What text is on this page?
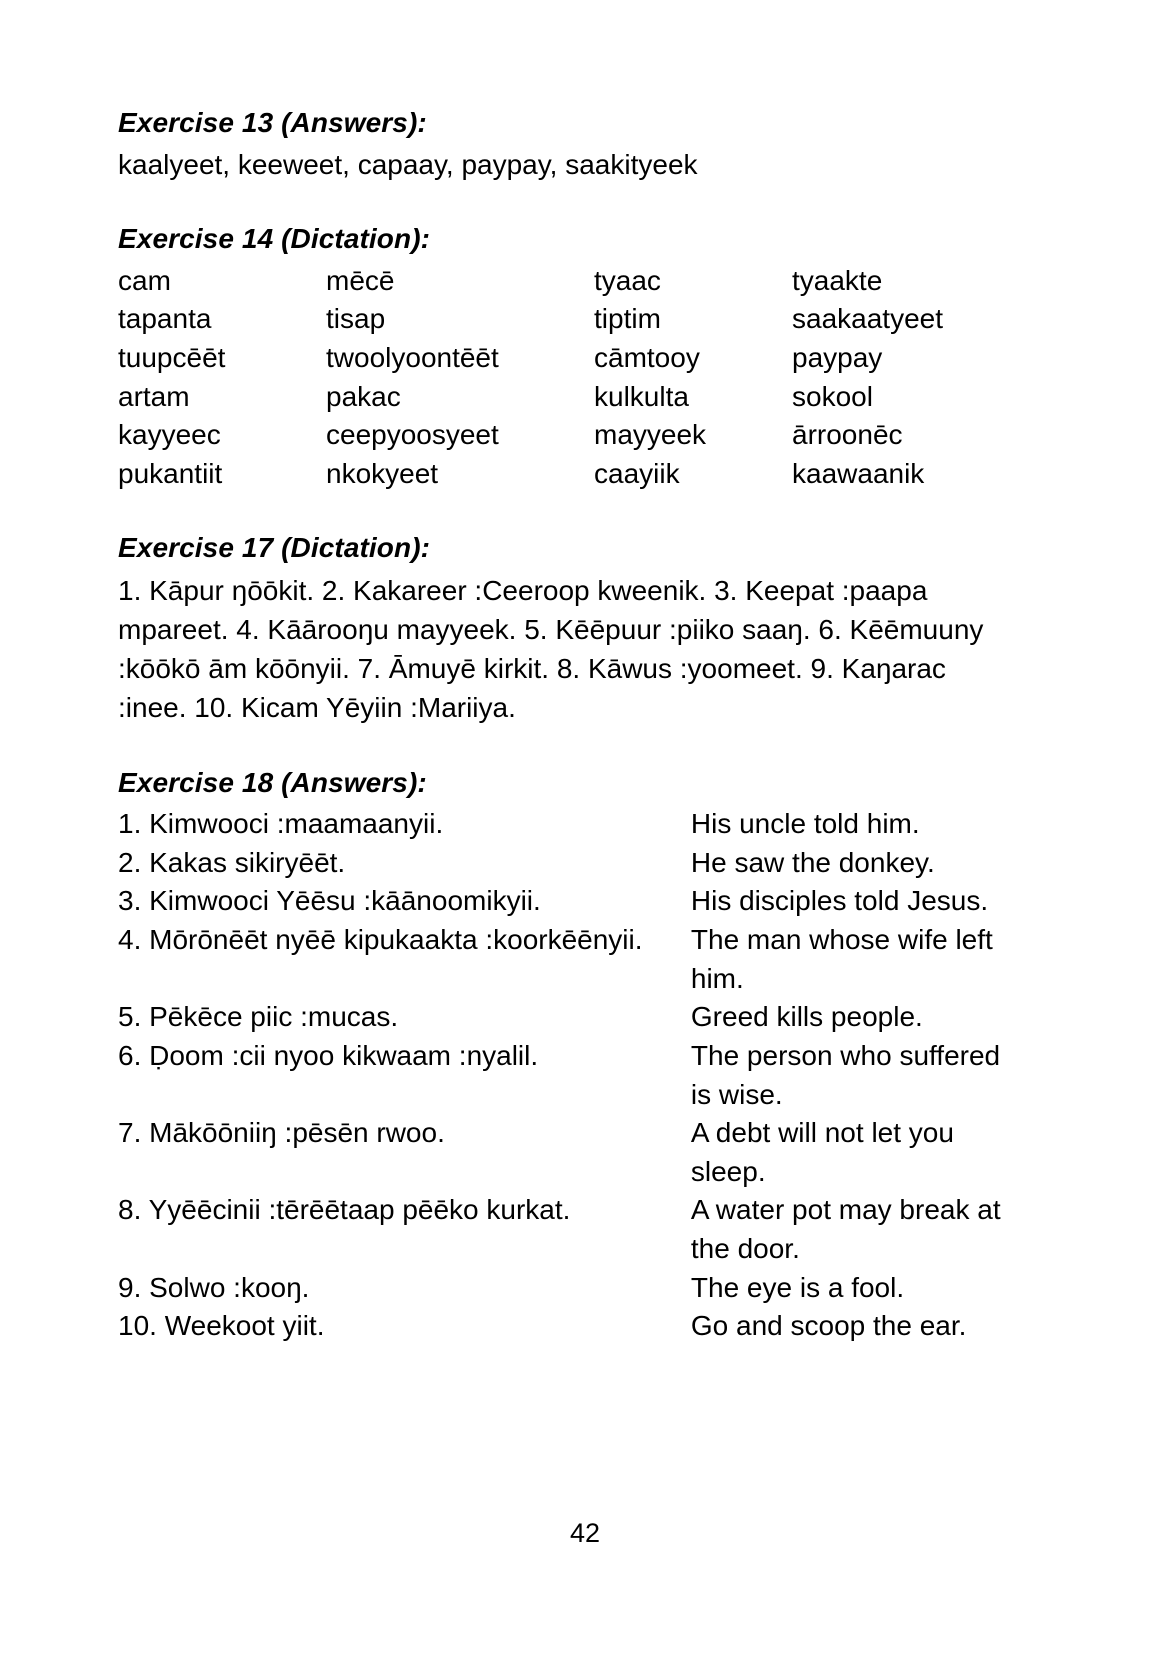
Exercise 13 (Answers):

kaalyeet, keeweet, capaay, paypay, saakityeek

Exercise 14 (Dictation):

cam	mēcē	tyaac	tyaakte
tapanta	tisap	tiptim	saakaatyeet
tuupcēēt	twoolyoontēēt	cāmtooy	paypay
artam	pakac	kulkulta	sokool
kayyeec	ceepyoosyeet	mayyeek	ārroonēc
pukantiit	nkokyeet	caayiik	kaawaanik

Exercise 17 (Dictation):

1. Kāpur ŋōōkit. 2. Kakareer :Ceeroop kweenik. 3. Keepat :paapa mpareet. 4. Kāārooŋu mayyeek. 5. Kēēpuur :piiko saaŋ. 6. Kēēmuuny :kōōkō ām kōōnyii. 7. Āmuyē kirkit. 8. Kāwus :yoomeet. 9. Kaŋarac :inee. 10. Kicam Yēyiin :Mariiya.

Exercise 18 (Answers):

1. Kimwooci :maamaanyii.	His uncle told him.
2. Kakas sikiryēēt.	He saw the donkey.
3. Kimwooci Yēēsu :kāānoomikyii.	His disciples told Jesus.
4. Mōrōnēēt nyēē kipukaakta :koorkēēnyii.	The man whose wife left him.
5. Pēkēce piic :mucas.	Greed kills people.
6. Ḍoom :cii nyoo kikwaam :nyalil.	The person who suffered is wise.
7. Mākōōniiŋ :pēsēn rwoo.	A debt will not let you sleep.
8. Yyēēcinii :tērēētaap pēēko kurkat.	A water pot may break at the door.
9. Solwo :kooŋ.	The eye is a fool.
10. Weekoot yiit.	Go and scoop the ear.
42
